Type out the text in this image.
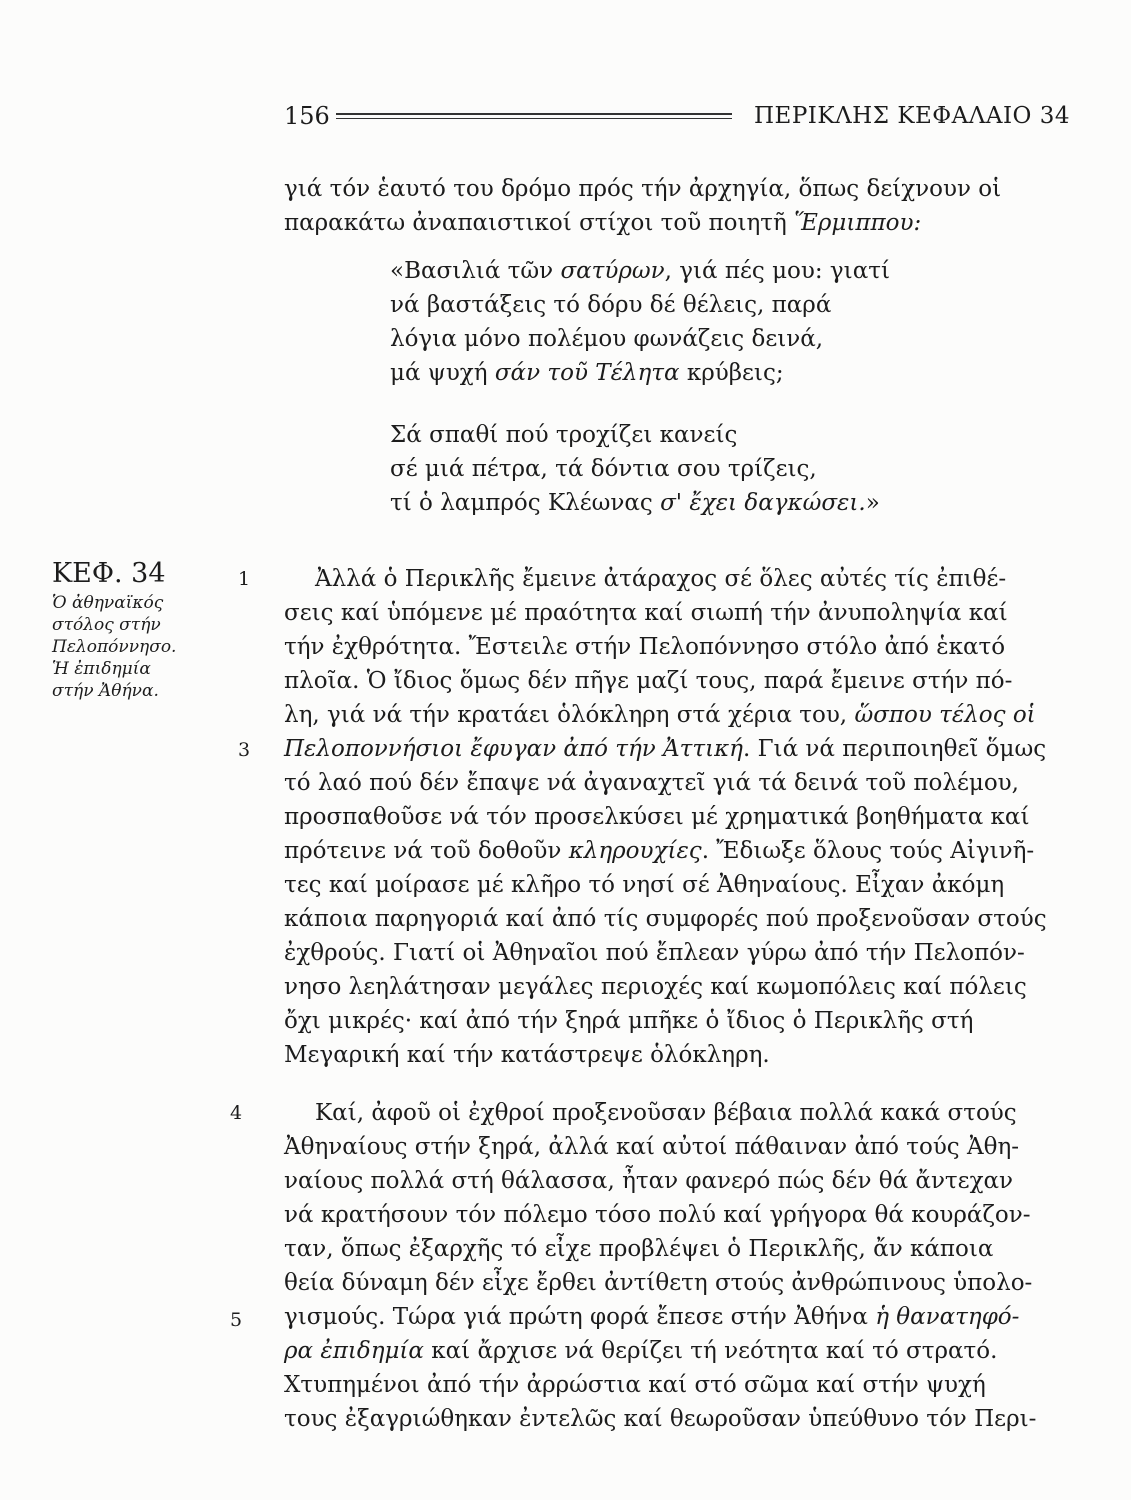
156	ΠΕΡΙΚΛΗΣ ΚΕΦΑΛΑΙΟ 34
γιά τόν ἑαυτό του δρόμο πρός τήν ἀρχηγία, ὅπως δείχνουν οἱ
παρακάτω ἀναπαιστικοί στίχοι τοῦ ποιητῆ Ἕρμιππου:
«Βασιλιά τῶν σατύρων, γιά πές μου: γιατί
νά βαστάξεις τό δόρυ δέ θέλεις, παρά
λόγια μόνο πολέμου φωνάζεις δεινά,
μά ψυχή σάν τοῦ Τέλητα κρύβεις;
Σά σπαθί πού τροχίζει κανείς
σέ μιά πέτρα, τά δόντια σου τρίζεις,
τί ὁ λαμπρός Κλέωνας σ' ἔχει δαγκώσει.»
ΚΕΦ. 34
Ὁ ἀθηναϊκός
στόλος στήν
Πελοπόννησο.
Ἡ ἐπιδημία
στήν Ἀθήνα.
1
3
4
5
Ἀλλά ὁ Περικλῆς ἔμεινε ἀτάραχος σέ ὅλες αὐτές τίς ἐπιθέ-
σεις καί ὑπόμενε μέ πραότητα καί σιωπή τήν ἀνυποληψία καί
τήν ἐχθρότητα. Ἔστειλε στήν Πελοπόννησο στόλο ἀπό ἑκατό
πλοῖα. Ὁ ἴδιος ὅμως δέν πῆγε μαζί τους, παρά ἔμεινε στήν πό-
λη, γιά νά τήν κρατάει ὁλόκληρη στά χέρια του, ὥσπου τέλος οἱ
Πελοποννήσιοι ἔφυγαν ἀπό τήν Ἀττική. Γιά νά περιποιηθεῖ ὅμως
τό λαό πού δέν ἔπαψε νά ἀγαναχτεῖ γιά τά δεινά τοῦ πολέμου,
προσπαθοῦσε νά τόν προσελκύσει μέ χρηματικά βοηθήματα καί
πρότεινε νά τοῦ δοθοῦν κληρουχίες. Ἔδιωξε ὅλους τούς Αἰγινῆ-
τες καί μοίρασε μέ κλῆρο τό νησί σέ Ἀθηναίους. Εἶχαν ἀκόμη
κάποια παρηγοριά καί ἀπό τίς συμφορές πού προξενοῦσαν στούς
ἐχθρούς. Γιατί οἱ Ἀθηναῖοι πού ἔπλεαν γύρω ἀπό τήν Πελοπόν-
νησο λεηλάτησαν μεγάλες περιοχές καί κωμοπόλεις καί πόλεις
ὄχι μικρές· καί ἀπό τήν ξηρά μπῆκε ὁ ἴδιος ὁ Περικλῆς στή
Μεγαρική καί τήν κατάστρεψε ὁλόκληρη.
Καί, ἀφοῦ οἱ ἐχθροί προξενοῦσαν βέβαια πολλά κακά στούς
Ἀθηναίους στήν ξηρά, ἀλλά καί αὐτοί πάθαιναν ἀπό τούς Ἀθη-
ναίους πολλά στή θάλασσα, ἦταν φανερό πώς δέν θά ἄντεχαν
νά κρατήσουν τόν πόλεμο τόσο πολύ καί γρήγορα θά κουράζον-
ταν, ὅπως ἐξαρχῆς τό εἶχε προβλέψει ὁ Περικλῆς, ἄν κάποια
θεία δύναμη δέν εἶχε ἔρθει ἀντίθετη στούς ἀνθρώπινους ὑπολο-
γισμούς. Τώρα γιά πρώτη φορά ἔπεσε στήν Ἀθήνα ἡ θανατηφό-
ρα ἐπιδημία καί ἄρχισε νά θερίζει τή νεότητα καί τό στρατό.
Χτυπημένοι ἀπό τήν ἀρρώστια καί στό σῶμα καί στήν ψυχή
τους ἐξαγριώθηκαν ἐντελῶς καί θεωροῦσαν ὑπεύθυνο τόν Περι-
